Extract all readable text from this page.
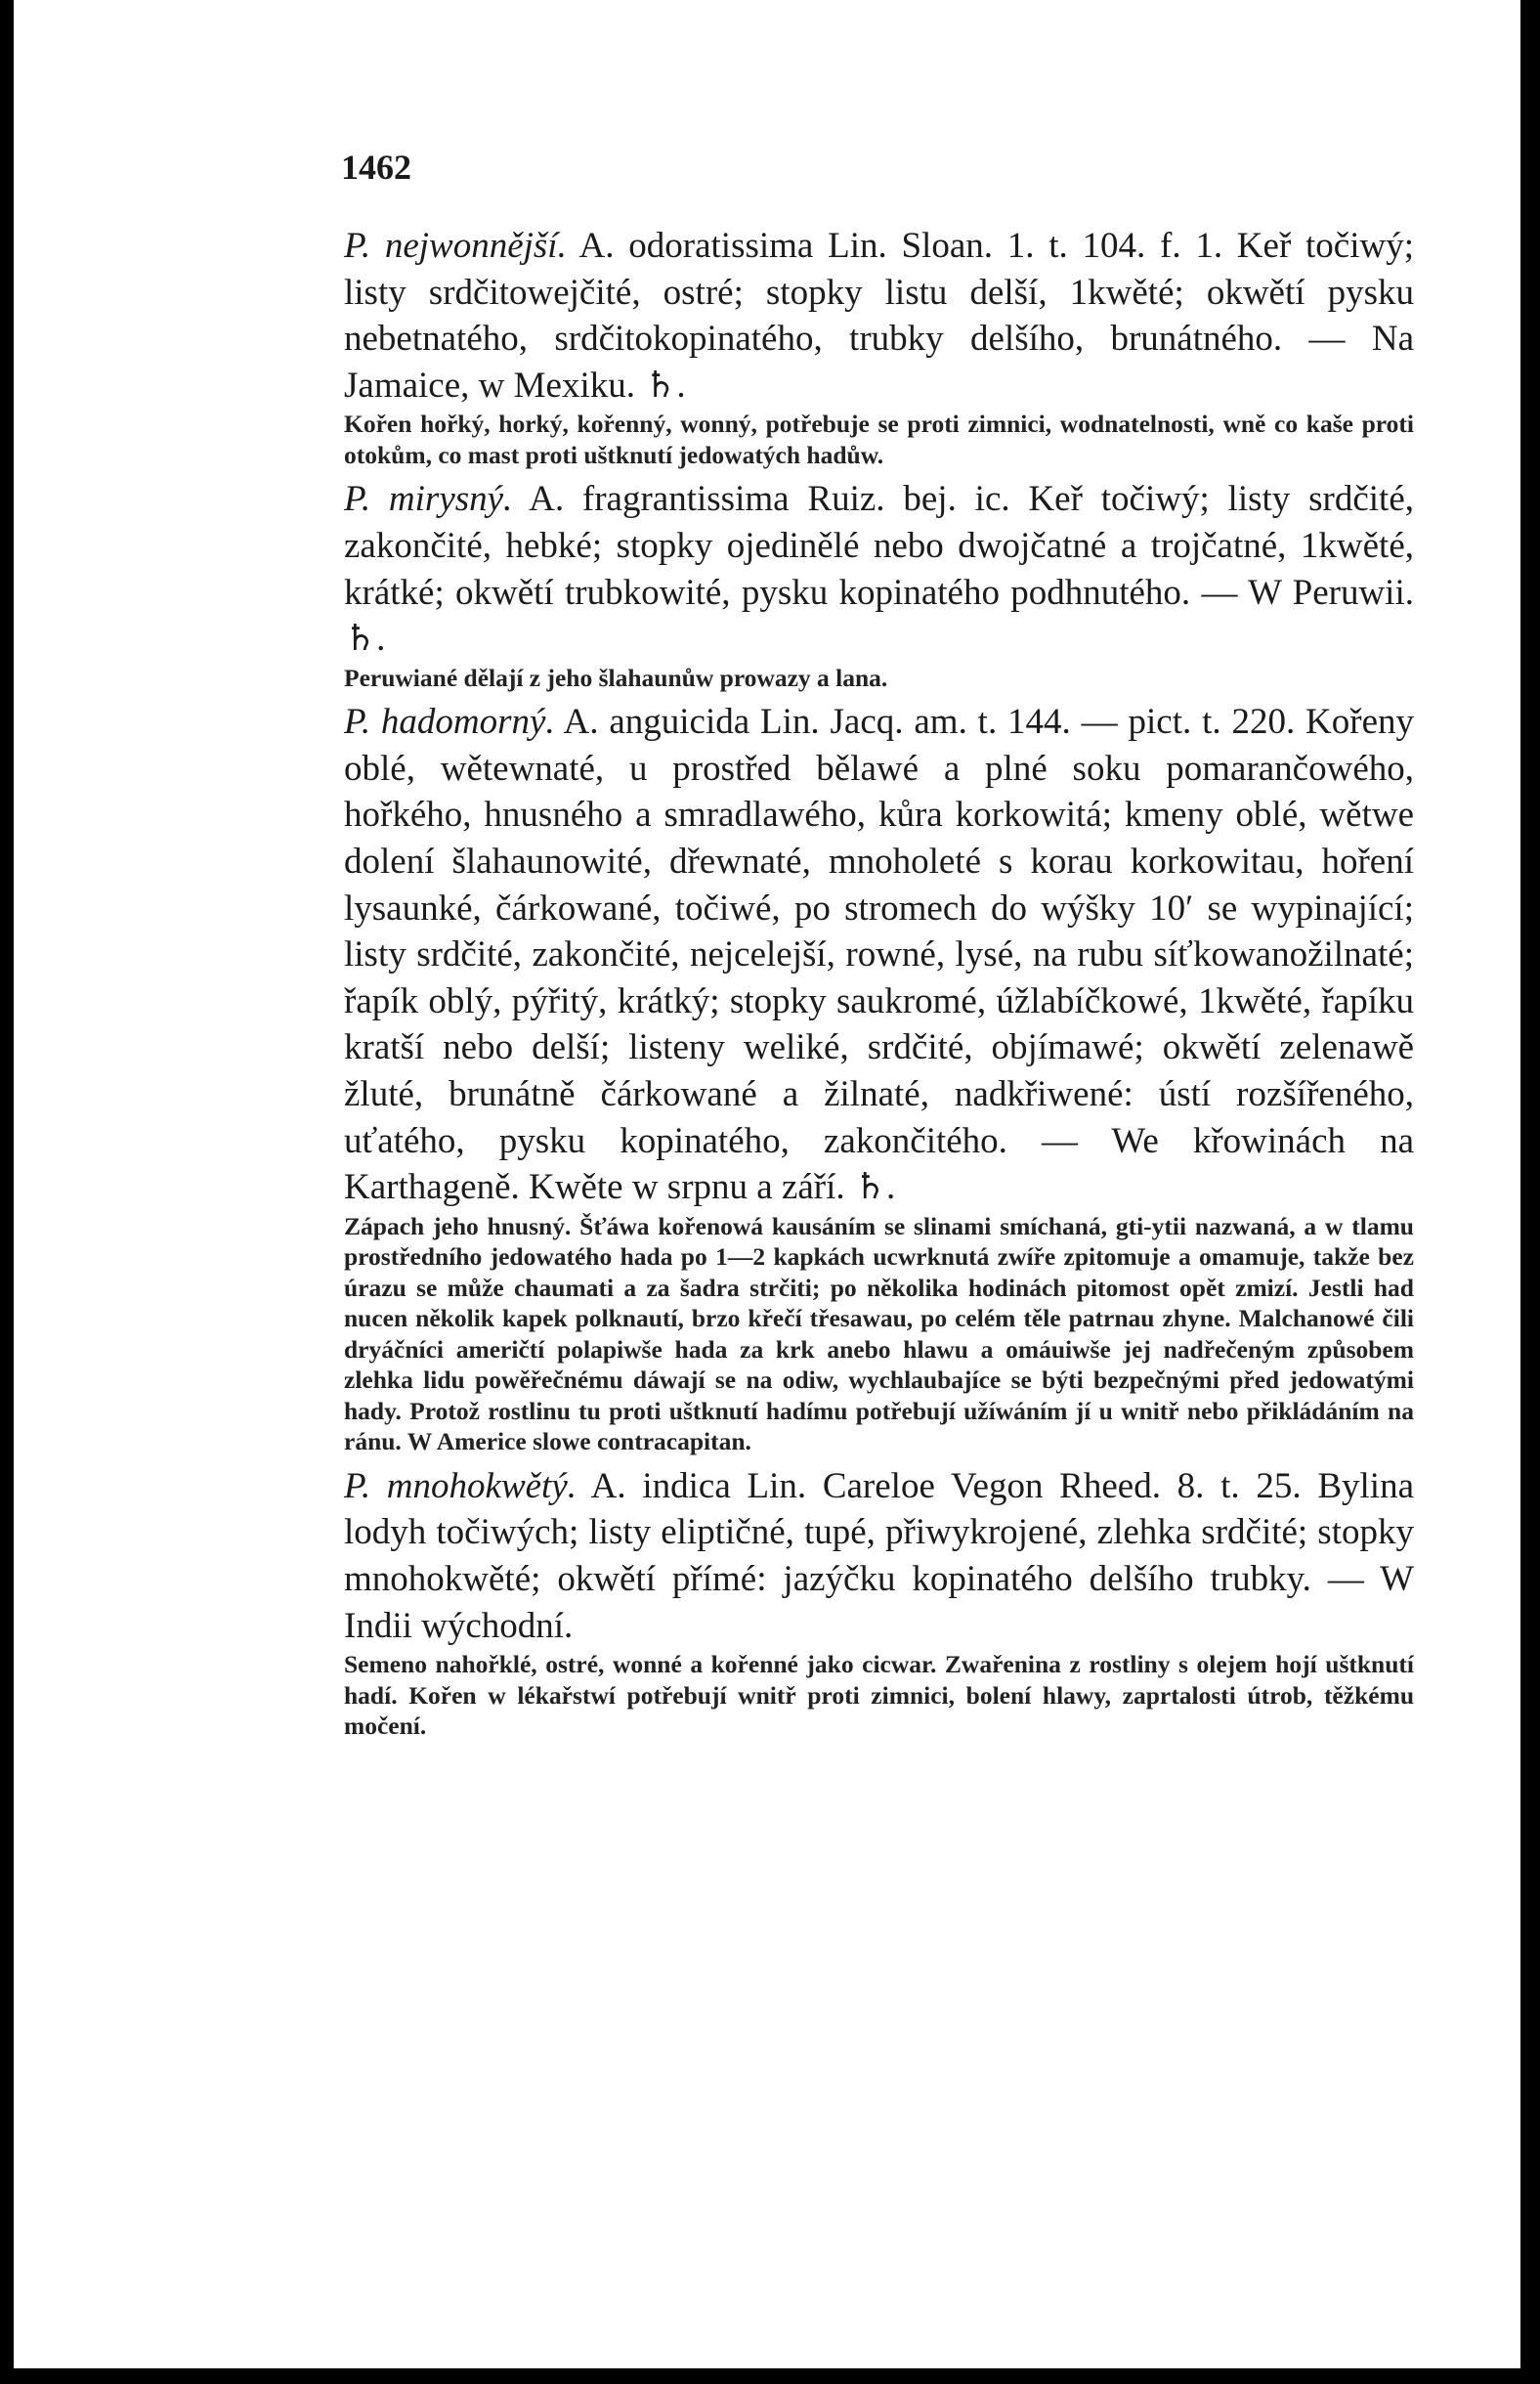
1462

P. nejwonnější. A. odoratissima Lin. Sloan. 1. t. 104. f. 1. Keř točiwý; listy srdčitowejčité, ostré; stopky listu delší, 1kwěté; okwětí pysku nebetnatého, srdčitokopinatého, trubky delšího, brunátného. — Na Jamaice, w Mexiku. ♄.

Kořen hořký, horký, kořenný, wonný, potřebuje se proti zimnici, wodnatelnosti, wně co kaše proti otokům, co mast proti uštknutí jedowatých hadůw.

P. mirysný. A. fragrantissima Ruiz. bej. ic. Keř točiwý; listy srdčité, zakončité, hebké; stopky ojedinělé nebo dwojčatné a trojčatné, 1kwěté, krátké; okwětí trubkowité, pysku kopinatého podhnutého. — W Peruwii. ♄.

Peruwiané dělají z jeho šlahaunůw prowazy a lana.

P. hadomorný. A. anguicida Lin. Jacq. am. t. 144. — pict. t. 220. Kořeny oblé, wětewnaté, u prostřed bělawé a plné soku pomarančowého, hořkého, hnusného a smradlawého, kůra korkowitá; kmeny oblé, wětwe dolení šlahaunowité, dřewnaté, mnoholeté s korau korkowitau, hoření lysaunké, čárkowané, točiwé, po stromech do wýšky 10′ se wypinající; listy srdčité, zakončité, nejcelejší, rowné, lysé, na rubu síťkowanožilnaté; řapík oblý, pýřitý, krátký; stopky saukromé, úžlabíčkowé, 1kwěté, řapíku kratší nebo delší; listeny weliké, srdčité, objímawé; okwětí zelenawě žluté, brunátně čárkowané a žilnaté, nadkřiwené: ústí rozšířeného, uťatého, pysku kopinatého, zakončitého. — We křowinách na Karthageně. Kwěte w srpnu a září. ♄.

Zápach jeho hnusný. Šťáwa kořenowá kausáním se slinami smíchaná, gti-ytii nazwaná, a w tlamu prostředního jedowatého hada po 1—2 kapkách ucwrknutá zwíře zpitomuje a omamuje, takže bez úrazu se může chaumati a za šadra strčiti; po několika hodinách pitomost opět zmizí. Jestli had nucen několik kapek polknautí, brzo křečí třesawau, po celém těle patrnau zhyne. Malchanowé čili dryáčníci američtí polapiwše hada za krk anebo hlawu a omáuiwše jej nadřečeným způsobem zlehka lidu powěřečnému dáwají se na odiw, wychlaubajíce se býti bezpečnými před jedowatými hady. Protož rostlinu tu proti uštknutí hadímu potřebují užíwáním jí u wnitř nebo přikládáním na ránu. W Americe slowe contracapitan.

P. mnohokwětý. A. indica Lin. Careloe Vegon Rheed. 8. t. 25. Bylina lodyh točiwých; listy eliptičné, tupé, přiwykrojené, zlehka srdčité; stopky mnohokwěté; okwětí přímé: jazýčku kopinatého delšího trubky. — W Indii wýchodní.

Semeno nahořklé, ostré, wonné a kořenné jako cicwar. Zwařenina z rostliny s olejem hojí uštknutí hadí. Kořen w lékařstwí potřebují wnitř proti zimnici, bolení hlawy, zaprtalosti útrob, těžkému močení.
